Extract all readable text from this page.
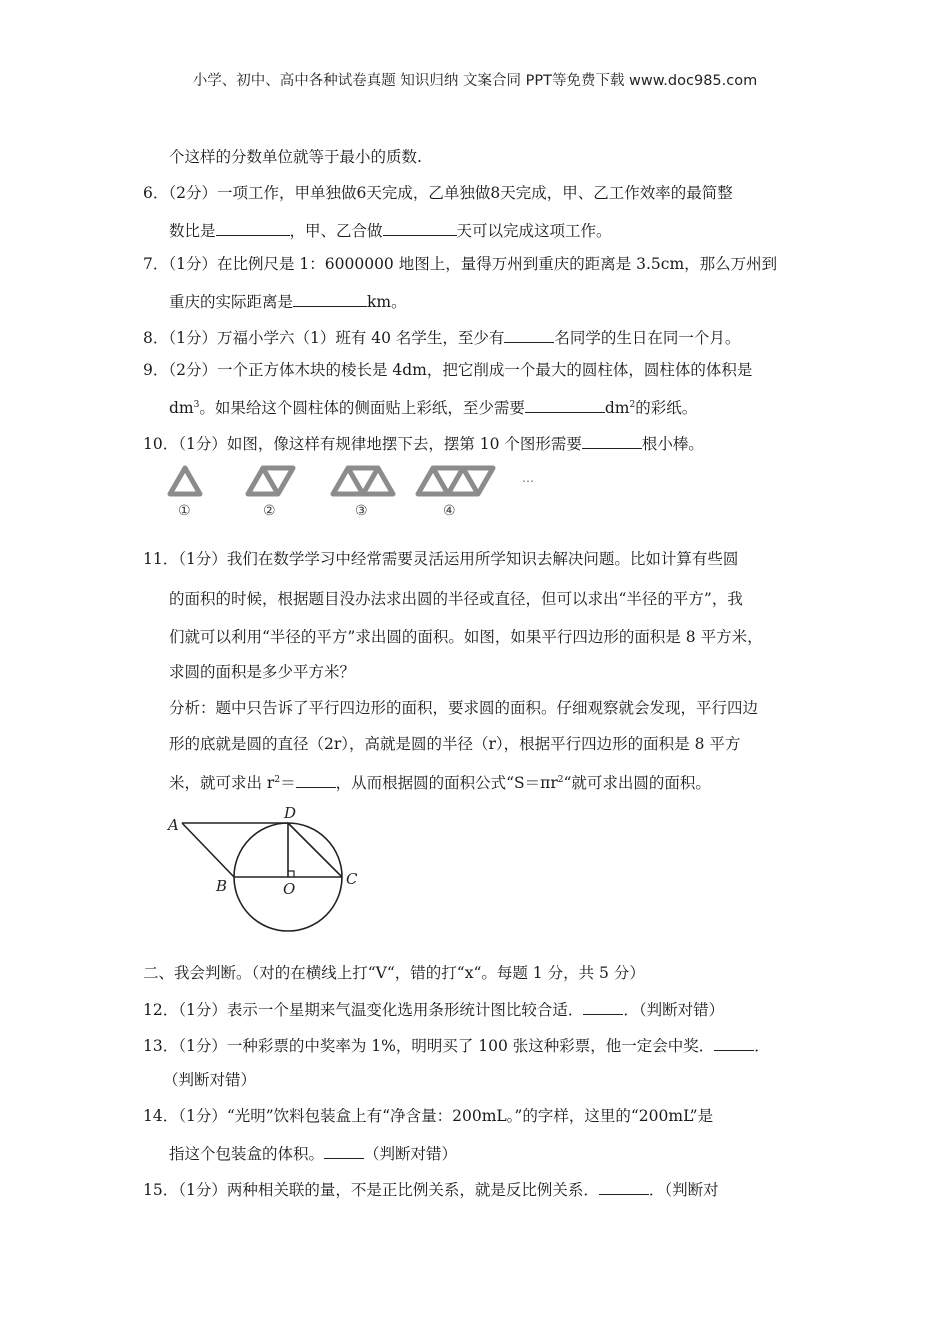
小学、初中、高中各种试卷真题 知识归纳 文案合同 PPT等免费下载 www.doc985.com
个这样的分数单位就等于最小的质数.
6．（2分）一项工作，甲单独做6天完成，乙单独做8天完成，甲、乙工作效率的最简整
数比是	，甲、乙合做	天可以完成这项工作。
7．（1分）在比例尺是 1：6000000 地图上，量得万州到重庆的距离是 3.5cm，那么万州到
重庆的实际距离是	km。
8．（1分）万福小学六（1）班有 40 名学生，至少有	名同学的生日在同一个月。
9．（2分）一个正方体木块的棱长是 4dm，把它削成一个最大的圆柱体，圆柱体的体积是
$dm^3$。如果给这个圆柱体的侧面贴上彩纸，至少需要	$dm^2$的彩纸。
10．（1分）如图，像这样有规律地摆下去，摆第 10 个图形需要	根小棒。
①	②	③	④
…
11．（1分）我们在数学学习中经常需要灵活运用所学知识去解决问题。比如计算有些圆
的面积的时候，根据题目没办法求出圆的半径或直径，但可以求出“半径的平方”，我
们就可以利用“半径的平方”求出圆的面积。如图，如果平行四边形的面积是 8 平方米，
求圆的面积是多少平方米？
分析：题中只告诉了平行四边形的面积，要求圆的面积。仔细观察就会发现，平行四边
形的底就是圆的直径（2r），高就是圆的半径（r），根据平行四边形的面积是 8 平方
米，就可求出 $r^2=$	，从而根据圆的面积公式“$S=\pi r^2“$就可求出圆的面积。
A
B	C
D
O
二、我会判断。（对的在横线上打“V“，错的打“x“。每题 1 分，共 5 分）
12．（1分）表示一个星期来气温变化选用条形统计图比较合适．	．（判断对错）
13．（1分）一种彩票的中奖率为 1%，明明买了 100 张这种彩票，他一定会中奖．	．
（判断对错）
14．（1分）“光明”饮料包装盒上有“净含量：200mL。”的字样，这里的“200mL”是
指这个包装盒的体积。	（判断对错）
15．（1分）两种相关联的量，不是正比例关系，就是反比例关系．	．（判断对
